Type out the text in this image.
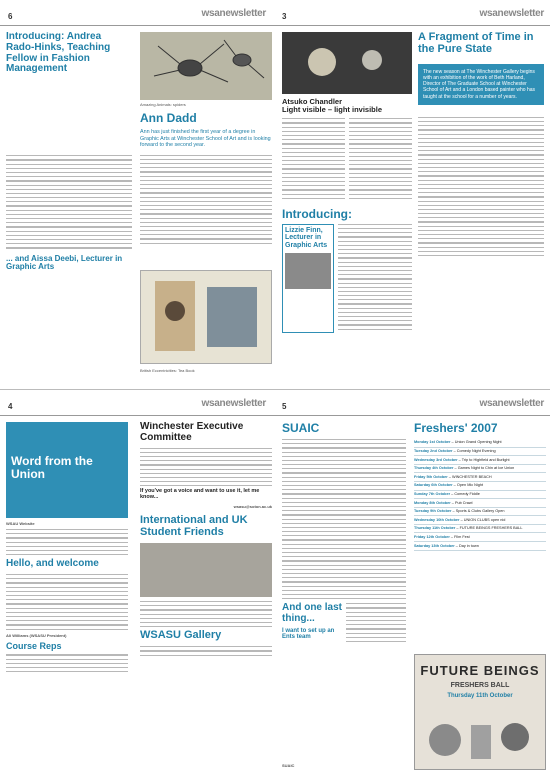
6	wsanewsletter 3	wsanewsletter
Introducing: Andrea Rado-Hinks, Teaching Fellow in Fashion Management
... and Aissa Deebi, Lecturer in Graphic Arts
Amazing Animals: spiders
Ann Dadd
Ann has just finished the first year of a degree in Graphic Arts at Winchester School of Art and is looking forward to the second year.
British Eccentricities: Tea Book
Atsuko Chandler
Light visible – light invisible
Introducing:
Lizzie Finn, Lecturer in Graphic Arts
A Fragment of Time in the Pure State
The new season at The Winchester Gallery begins with an exhibition of the work of Beth Harland, Director of The Graduate School at Winchester School of Art and a London based painter who has taught at the school for a number of years.
4	wsanewsletter 5	wsanewsletter
Word from the Union
WSAU Website
Hello, and welcome
Ali Williams (WSASU President)
Course Reps
Winchester Executive Committee
If you've got a voice and want to use it, let me know...
wsasu@soton.ac.uk
International and UK Student Friends
WSASU Gallery
SUAIC
And one last thing...
I want to set up an Ents team
SUAIC
Freshers' 2007
Monday 1st October – Union Grand Opening Night
Tuesday 2nd October – Comedy Night Evening
Wednesday 3rd October – Trip to Highfield and Burlight
Thursday 4th October – Games Night to Chin at Ice Union
Friday 5th October – WINCHESTER BEACH
Saturday 6th October – Open Mic Night
Sunday 7th October – Comedy Fiddle
Monday 8th October – Pub Crawl
Tuesday 9th October – Sports & Clubs Gallery Open
Wednesday 10th October – UNION CLUBS open nid
Thursday 11th October – FUTURE BEINGS FRESHERS BALL
Friday 12th October – Film Fest
Saturday 13th October – Day in town
FUTURE BEINGS
FRESHERS BALL
Thursday 11th October
